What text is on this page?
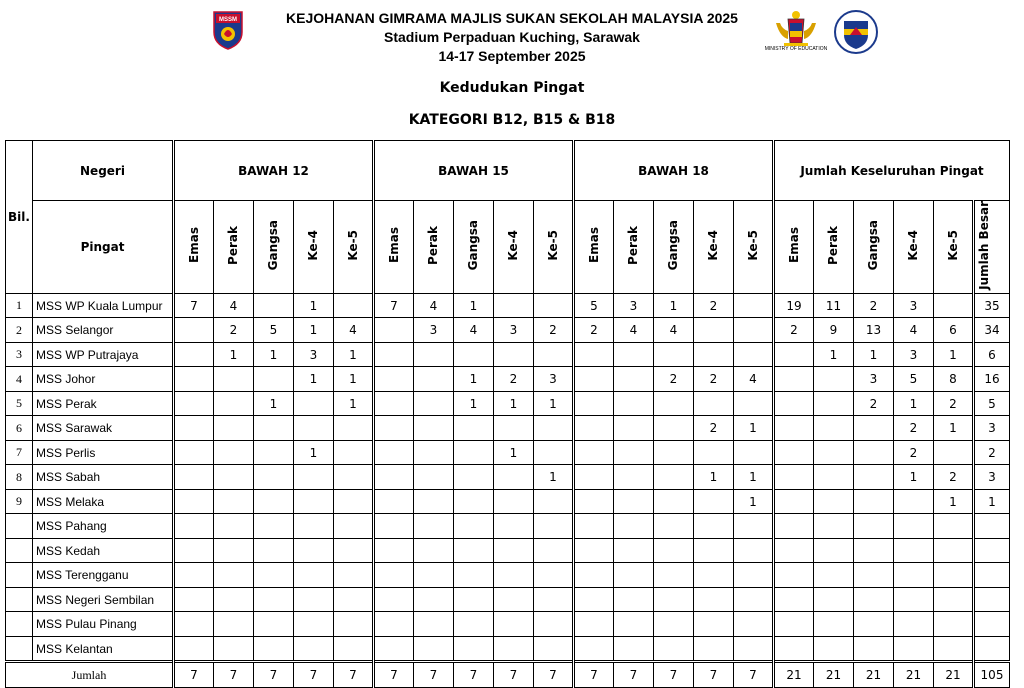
KEJOHANAN GIMRAMA MAJLIS SUKAN SEKOLAH MALAYSIA 2025
Stadium Perpaduan Kuching, Sarawak
14-17 September 2025
Kedudukan Pingat
KATEGORI B12, B15 & B18
MSSM
MINISTRY OF EDUCATION
Bil.	Negeri	BAWAH 12					BAWAH 15					BAWAH 18					Jumlah Keseluruhan Pingat					
	Pingat	Emas	Perak	Gangsa	Ke-4	Ke-5	Emas	Perak	Gangsa	Ke-4	Ke-5	Emas	Perak	Gangsa	Ke-4	Ke-5	Emas	Perak	Gangsa	Ke-4	Ke-5	Jumlah Besar
1	MSS WP Kuala Lumpur	7	4		1		7	4	1			5	3	1	2		19	11	2	3		35
2	MSS Selangor		2	5	1	4		3	4	3	2	2	4	4			2	9	13	4	6	34
3	MSS WP Putrajaya		1	1	3	1												1	1	3	1	6
4	MSS Johor				1	1			1	2	3			2	2	4			3	5	8	16
5	MSS Perak			1		1			1	1	1								2	1	2	5
6	MSS Sarawak														2	1				2	1	3
7	MSS Perlis				1					1										2		2
8	MSS Sabah										1				1	1				1	2	3
9	MSS Melaka															1					1	1
	MSS Pahang																					
	MSS Kedah																					
	MSS Terengganu																					
	MSS Negeri Sembilan																					
	MSS Pulau Pinang																					
	MSS Kelantan																					
Jumlah		7	7	7	7	7	7	7	7	7	7	7	7	7	7	7	21	21	21	21	21	105
